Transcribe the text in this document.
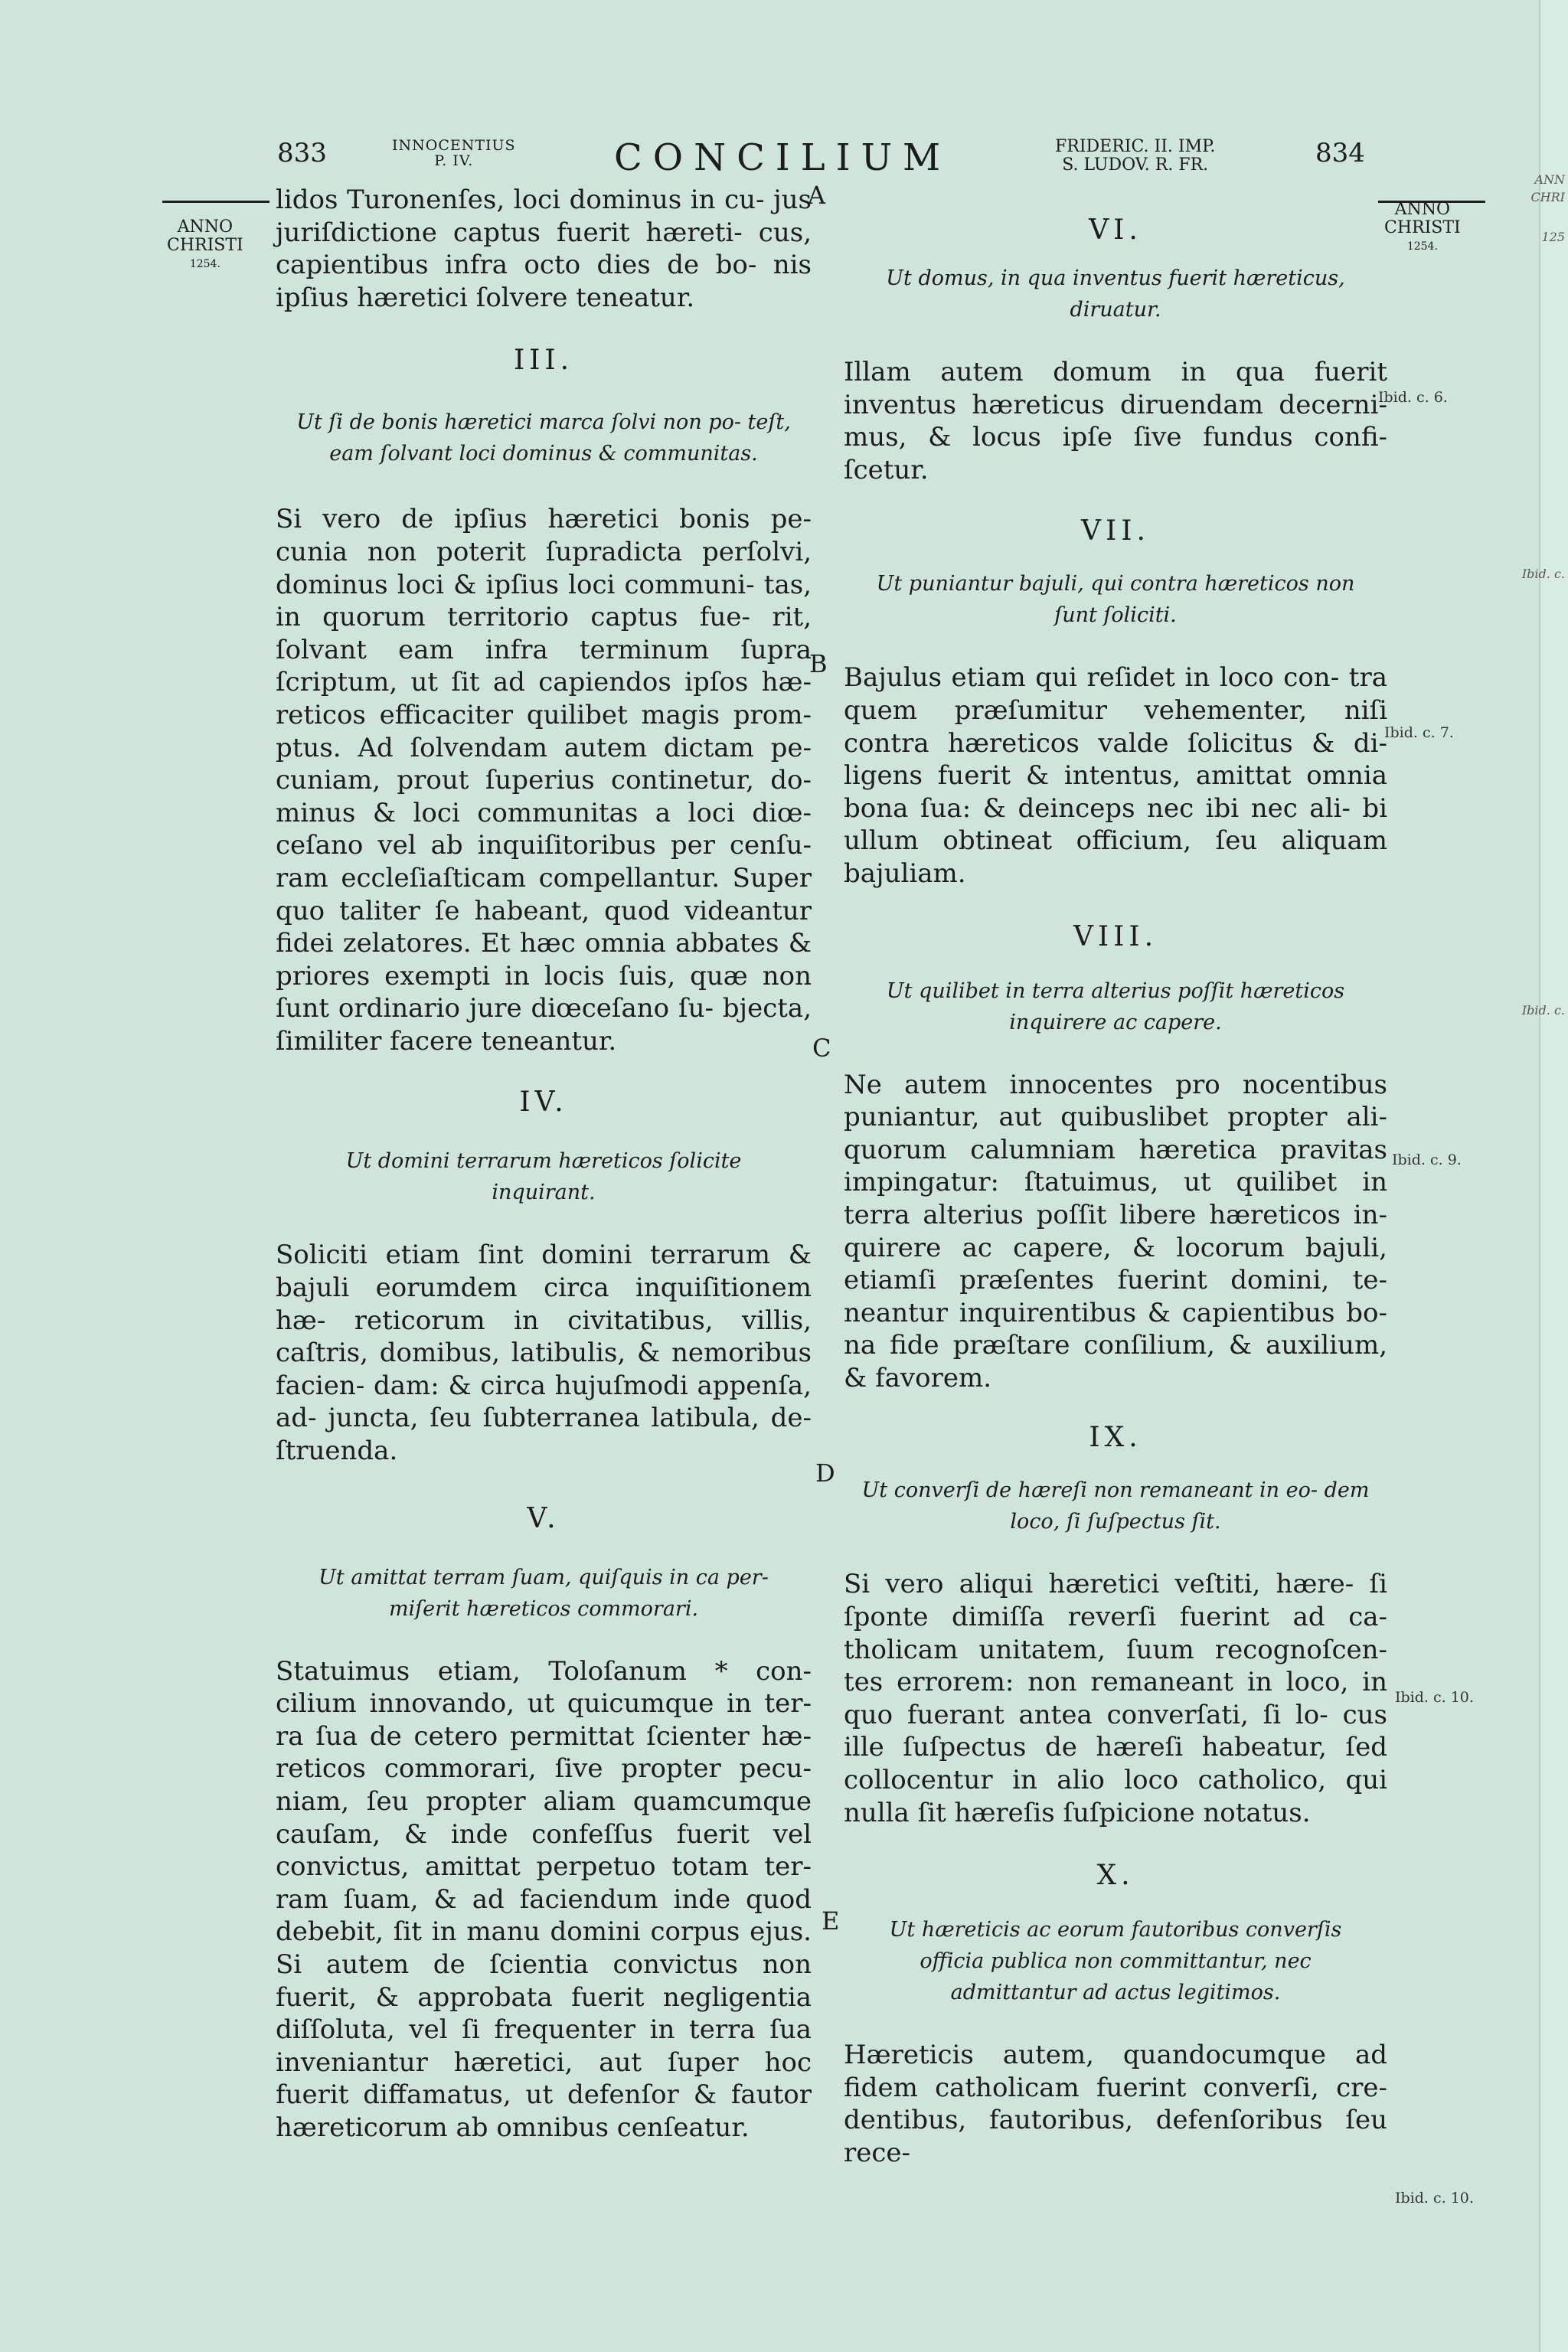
ANN
CHRI
125
Ibid. c.
Ibid. c.
833	INNOCENTIUS
P. IV.	CONCILIUM	FRIDERIC. II. IMP.
S. LUDOV. R. FR.	834
ANNO
CHRISTI
1254.
ANNO
CHRISTI
1254.
lidos Turonenſes, loci dominus in cu- jus juriſdictione captus fuerit hæreti- cus, capientibus infra octo dies de bo- nis ipſius hæretici ſolvere teneatur.
III.
Ut ſi de bonis hæretici marca ſolvi non po- teſt, eam ſolvant loci dominus & communitas.
Si vero de ipſius hæretici bonis pe- cunia non poterit ſupradicta perſolvi, dominus loci & ipſius loci communi- tas, in quorum territorio captus fue- rit, ſolvant eam infra terminum ſupra ſcriptum, ut ſit ad capiendos ipſos hæ- reticos efficaciter quilibet magis prom- ptus. Ad ſolvendam autem dictam pe- cuniam, prout ſuperius continetur, do- minus & loci communitas a loci diœ- ceſano vel ab inquiſitoribus per cenſu- ram eccleſiaſticam compellantur. Super quo taliter ſe habeant, quod videantur fidei zelatores. Et hæc omnia abbates & priores exempti in locis ſuis, quæ non ſunt ordinario jure diœceſano ſu- bjecta, ſimiliter facere teneantur.
IV.
Ut domini terrarum hæreticos ſolicite inquirant.
Soliciti etiam ſint domini terrarum & bajuli eorumdem circa inquiſitionem hæ- reticorum in civitatibus, villis, caſtris, domibus, latibulis, & nemoribus facien- dam: & circa hujuſmodi appenſa, ad- juncta, ſeu ſubterranea latibula, de- ſtruenda.
V.
Ut amittat terram ſuam, quiſquis in ca per- miſerit hæreticos commorari.
Statuimus etiam, Toloſanum * con- cilium innovando, ut quicumque in ter- ra ſua de cetero permittat ſcienter hæ- reticos commorari, ſive propter pecu- niam, ſeu propter aliam quamcumque cauſam, & inde confeſſus fuerit vel convictus, amittat perpetuo totam ter- ram ſuam, & ad faciendum inde quod debebit, ſit in manu domini corpus ejus. Si autem de ſcientia convictus non fuerit, & approbata fuerit negligentia diſſoluta, vel ſi frequenter in terra ſua inveniantur hæretici, aut ſuper hoc fuerit diffamatus, ut defenſor & fautor hæreticorum ab omnibus cenſeatur.
VI.
Ut domus, in qua inventus fuerit hæreticus, diruatur.
Illam autem domum in qua fuerit inventus hæreticus diruendam decerni- mus, & locus ipſe ſive fundus confi- ſcetur.
VII.
Ut puniantur bajuli, qui contra hæreticos non ſunt ſoliciti.
Bajulus etiam qui reſidet in loco con- tra quem præſumitur vehementer, niſi contra hæreticos valde ſolicitus & di- ligens fuerit & intentus, amittat omnia bona ſua: & deinceps nec ibi nec ali- bi ullum obtineat officium, ſeu aliquam bajuliam.
VIII.
Ut quilibet in terra alterius poſſit hæreticos inquirere ac capere.
Ne autem innocentes pro nocentibus puniantur, aut quibuslibet propter ali- quorum calumniam hæretica pravitas impingatur: ſtatuimus, ut quilibet in terra alterius poſſit libere hæreticos in- quirere ac capere, & locorum bajuli, etiamſi præſentes fuerint domini, te- neantur inquirentibus & capientibus bo- na fide præſtare conſilium, & auxilium, & favorem.
IX.
Ut converſi de hæreſi non remaneant in eo- dem loco, ſi ſuſpectus ſit.
Si vero aliqui hæretici veſtiti, hære- ſi ſponte dimiſſa reverſi fuerint ad ca- tholicam unitatem, ſuum recognoſcen- tes errorem: non remaneant in loco, in quo fuerant antea converſati, ſi lo- cus ille ſuſpectus de hæreſi habeatur, ſed collocentur in alio loco catholico, qui nulla ſit hæreſis ſuſpicione notatus.
X.
Ut hæreticis ac eorum fautoribus converſis officia publica non committantur, nec admittantur ad actus legitimos.
Hæreticis autem, quandocumque ad fidem catholicam fuerint converſi, cre- dentibus, fautoribus, defenſoribus ſeu rece-
A
B
C
D
E
Ibid. c. 6.
Ibid. c. 7.
Ibid. c. 9.
Ibid. c. 10.
Ibid. c. 10.
